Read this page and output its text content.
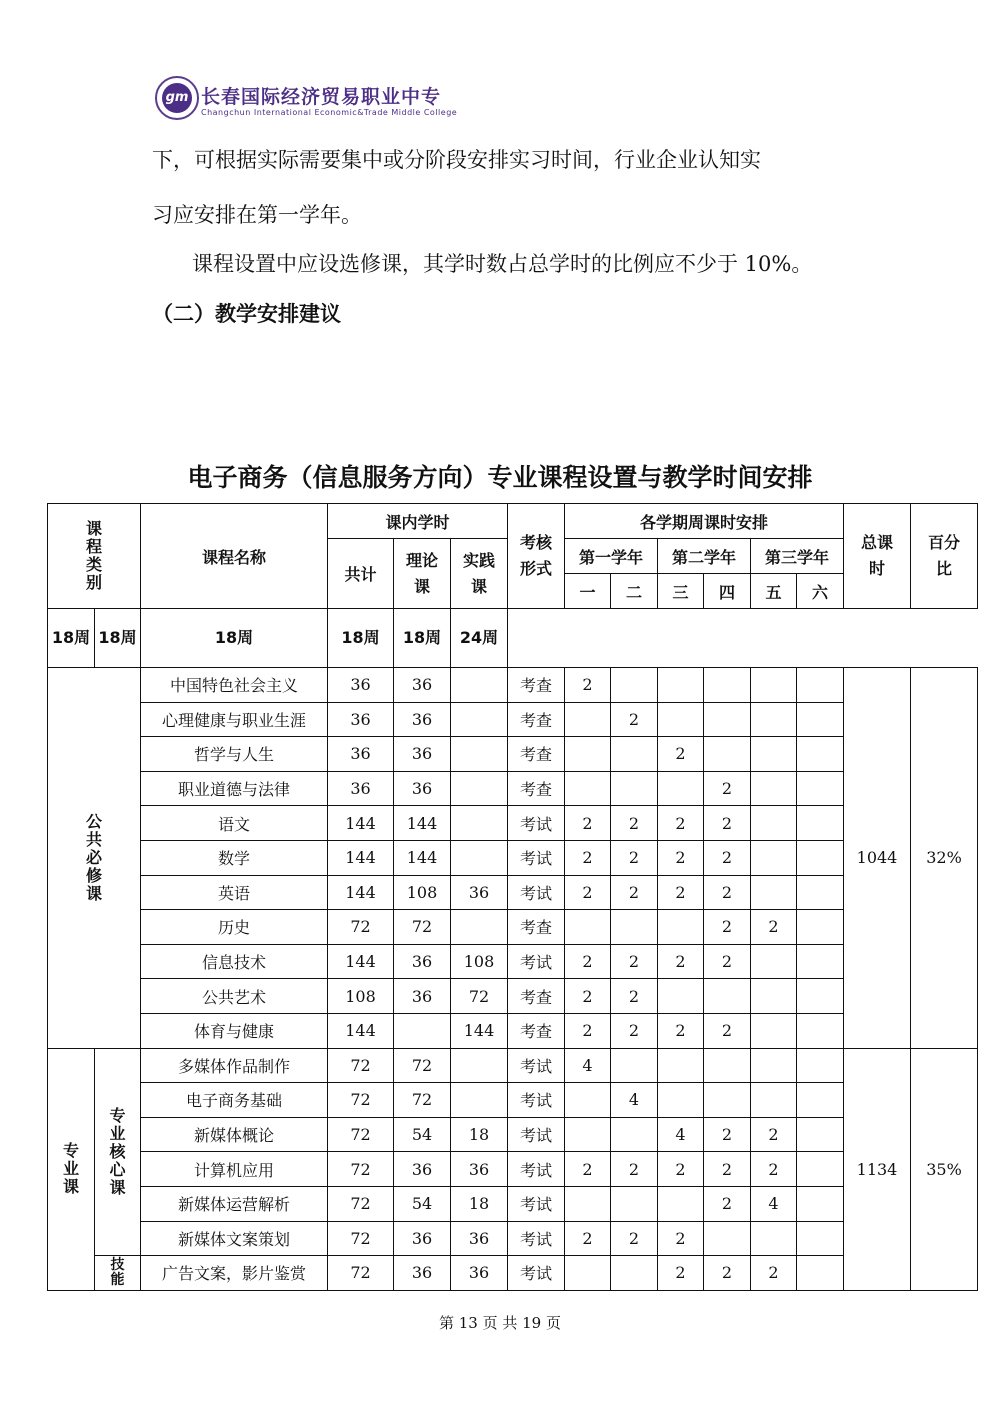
gm 长春国际经济贸易职业中专
Changchun International Economic&Trade Middle College
下，可根据实际需要集中或分阶段安排实习时间，行业企业认知实
习应安排在第一学年。
课程设置中应设选修课，其学时数占总学时的比例应不少于 10%。
（二）教学安排建议
电子商务（信息服务方向）专业课程设置与教学时间安排
课程类别		课程名称	课内学时			考核形式	各学期周课时安排						总课时	百分比

			共计	理论课	实践课		第一学年		第二学年		第三学年			
							一	二	三	四	五	六		
18周	18周	18周	18周	18周	24周									

公共必修课		中国特色社会主义	36	36		考查	2						1044	32%
		心理健康与职业生涯	36	36		考查		2						
		哲学与人生	36	36		考查			2					
		职业道德与法律	36	36		考查				2				
		语文	144	144		考试	2	2	2	2				
		数学	144	144		考试	2	2	2	2				
		英语	144	108	36	考试	2	2	2	2				
		历史	72	72		考查				2	2			
		信息技术	144	36	108	考试	2	2	2	2				
		公共艺术	108	36	72	考查	2	2						
		体育与健康	144		144	考查	2	2	2	2				

专业课	专业核心课	多媒体作品制作	72	72		考试	4						1134	35%
		电子商务基础	72	72		考试		4						
		新媒体概论	72	54	18	考试			4	2	2			
		计算机应用	72	36	36	考试	2	2	2	2	2			
		新媒体运营解析	72	54	18	考试				2	4			
		新媒体文案策划	72	36	36	考试	2	2	2					

	技能	广告文案，影片鉴赏	72	36	36	考试			2	2	2			
第 13 页 共 19 页
